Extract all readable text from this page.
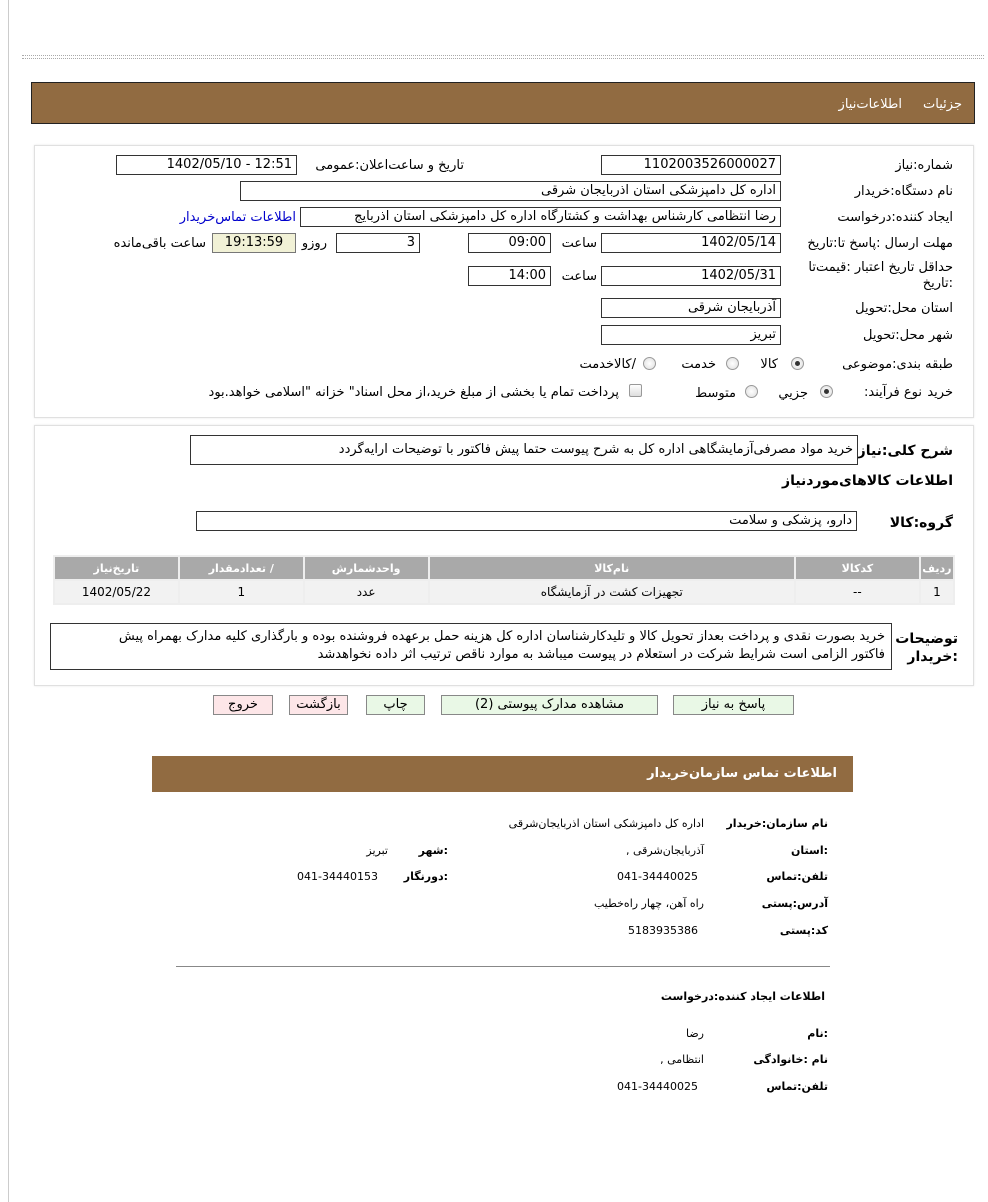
جزئیات
اطلاعات‌نیاز
شماره:نیاز
1102003526000027
تاریخ و ساعت‌اعلان:عمومی
1402/05/10 - 12:51
نام دستگاه:خریدار
اداره کل دامپزشکی استان اذربایجان شرقی
ایجاد کننده:درخواست
رضا انتظامی کارشناس بهداشت و کشتارگاه اداره کل دامپزشکی استان اذربایج
اطلاعات تماس‌خریدار
مهلت ارسال :پاسخ تا:تاریخ
1402/05/14
ساعت
09:00
3
روزو
19:13:59
ساعت باقی‌مانده
حداقل تاریخ اعتبار :قیمت‌تا :تاریخ
1402/05/31
ساعت
14:00
استان محل:تحویل
آذربایجان شرقی
شهر محل:تحویل
تبریز
طبقه بندی:موضوعی
کالا
خدمت
/کالاخدمت
نوع فرآیند: خرید
جزيي
متوسط
پرداخت تمام یا بخشی از مبلغ خرید،از محل اسناد" خزانه "اسلامی خواهد.بود
شرح کلی:نیاز
خرید مواد مصرفی‌آزمایشگاهی اداره کل به شرح پیوست حتما پیش فاکتور با توضیحات ارایه‌گردد
اطلاعات کالاهای‌موردنیاز
گروه:کالا
دارو، پزشکی و سلامت
ردیف	کدکالا	نام‌کالا	واحدشمارش	/ تعدادمقدار	تاریخ‌نیاز
1	--	تجهیزات کشت در آزمایشگاه	عدد	1	1402/05/22
توضیحات
:خریدار
خرید بصورت نقدی و پرداخت بعداز تحویل کالا و تلیدکارشناسان اداره کل هزینه حمل برعهده فروشنده بوده و بارگذاری کلیه مدارک بهمراه پیش
فاکتور الزامی است شرایط شرکت در استعلام در پیوست میباشد به موارد ناقص ترتیب اثر داده نخواهدشد
پاسخ به نیاز
مشاهده مدارک پیوستی (2)
چاپ
بازگشت
خروج
اطلاعات تماس سازمان‌خریدار
نام سازمان:خریدار
اداره کل دامپزشکی استان اذربایجان‌شرقی
:استان
آذربایجان‌شرقی ,
:شهر
تبریز
تلفن:تماس
041-34440025
:دورنگار
041-34440153
آدرس:پستی
راه آهن، چهار راه‌خطیب
کد:پستی
5183935386
اطلاعات ایجاد کننده:درخواست
:نام
رضا
نام :خانوادگی
انتظامی ,
تلفن:تماس
041-34440025
